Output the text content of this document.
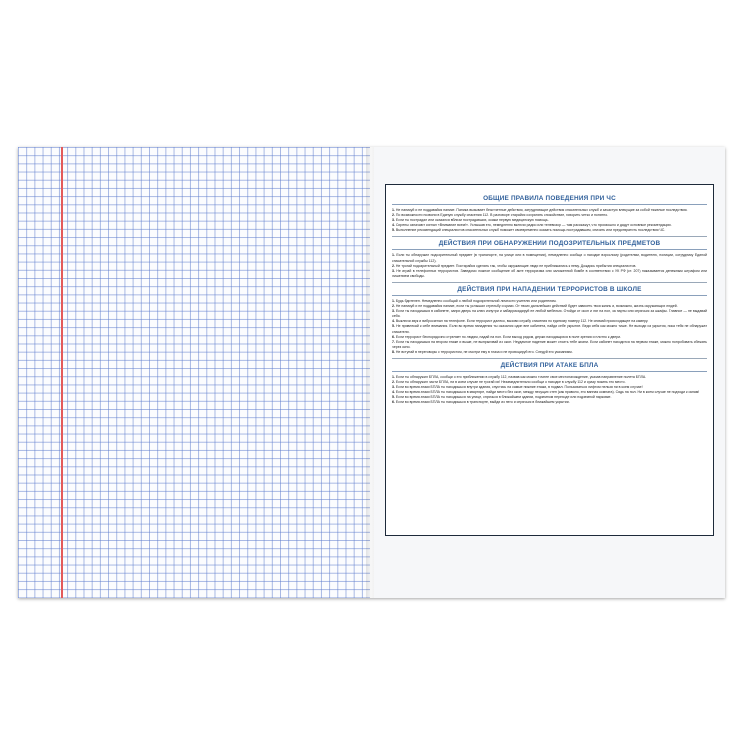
ОБЩИЕ ПРАВИЛА ПОВЕДЕНИЯ ПРИ ЧС

1. Не паникуй и не поддавайся панике. Паника вызывает безотчетные действия, затрудняющие действия спасательных служб и зачастую влекущие за собой тяжелые последствия.

2. По возможности позвони в Единую службу спасения 112. В разговоре старайся сохранять спокойствие, говорить четко и понятно.

3. Если ты пострадал или оказался вблизи пострадавших, окажи первую медицинскую помощь.

4. Сирены означают сигнал «Внимание всем!». Услышав его, немедленно включи радио или телевизор — там расскажут, что произошло и дадут основные рекомендации.

5. Выполнение рекомендаций специалистов спасательных служб поможет своевременно оказать помощь пострадавшим, снизить или предотвратить последствия ЧС.

ДЕЙСТВИЯ ПРИ ОБНАРУЖЕНИИ ПОДОЗРИТЕЛЬНЫХ ПРЕДМЕТОВ

1. Если ты обнаружил подозрительный предмет (в транспорте, на улице или в помещении), немедленно сообщи о находке взрослому (родителям, водителю, полиции, сотруднику Единой спасательной службы 112).

2. Не трогай подозрительный предмет. Постарайся сделать так, чтобы окружающие люди не приближались к нему. Дождись прибытия специалистов.

3. Не играй в телефонных террористов. Заведомо ложное сообщение об акте терроризма или заложенной бомбе в соответствии с УК РФ (ст. 207) наказывается денежным штрафом или лишением свободы.

ДЕЙСТВИЯ ПРИ НАПАДЕНИИ ТЕРРОРИСТОВ В ШКОЛЕ

1. Будь бдителен. Немедленно сообщай о любой подозрительной личности учителю или родителям.

2. Не паникуй и не поддавайся панике, если ты услышал стрельбу и крики. От твоих дальнейших действий будет зависеть твоя жизнь и, возможно, жизнь окружающих людей.

3. Если ты находишься в кабинете, запри дверь на ключ изнутри и забаррикадируй ее любой мебелью. Отойди от окон и ляг на пол, за парты или спрячься за шкафы. Главное — не выдавай себя.

4. Выключи звук и вибросигнал на телефоне. Если террорист далеко, вызови службу спасения по единому номеру 112. Не снимай происходящее на камеру.

5. Не привлекай к себе внимания. Если во время нападения ты оказался один вне кабинета, найди себе укрытие. Веди себя как можно тише. Не выходи из укрытия, пока тебя не обнаружат спасатели.

6. Если террорист беспорядочно стреляет по людям, падай на пол. Если выход рядом, держи находящихся в поле зрения и плотно к двери.

7. Если ты находишься на втором этаже и выше, не выпрыгивай из окон. Неудачное падение может стоить тебе жизни. Если кабинет находится на первом этаже, можно попробовать сбежать через окно.

8. Не вступай в переговоры с террористом, не смотри ему в глаза и не провоцируй его. Следуй его указаниям.

ДЕЙСТВИЯ ПРИ АТАКЕ БПЛА

1. Если ты обнаружил БПЛА, сообщи о его приближении в службу 112, назвав как можно точнее свое местонахождение, указав направление полета БПЛА.

2. Если ты обнаружил части БПЛА, ни в коем случае не трогай их! Незамедлительно сообщи о находке в службу 112 и сразу покинь это место.

3. Если во время атаки БПЛА ты находишься внутри здания, спустись на самые нижние этажи, в подвал. Пользоваться лифтом нельзя ни в коем случае!

4. Если во время атаки БПЛА ты находишься в квартире, найди место без окон, между несущих стен (как правило, это ванная комната). Сядь на пол. Ни в коем случае не подходи к окнам!

5. Если во время атаки БПЛА ты находишься на улице, спрячься в ближайшем здании, подземном переходе или подземной парковке.

6. Если во время атаки БПЛА ты находишься в транспорте, выйди из него и спрячься в ближайшем укрытии.
